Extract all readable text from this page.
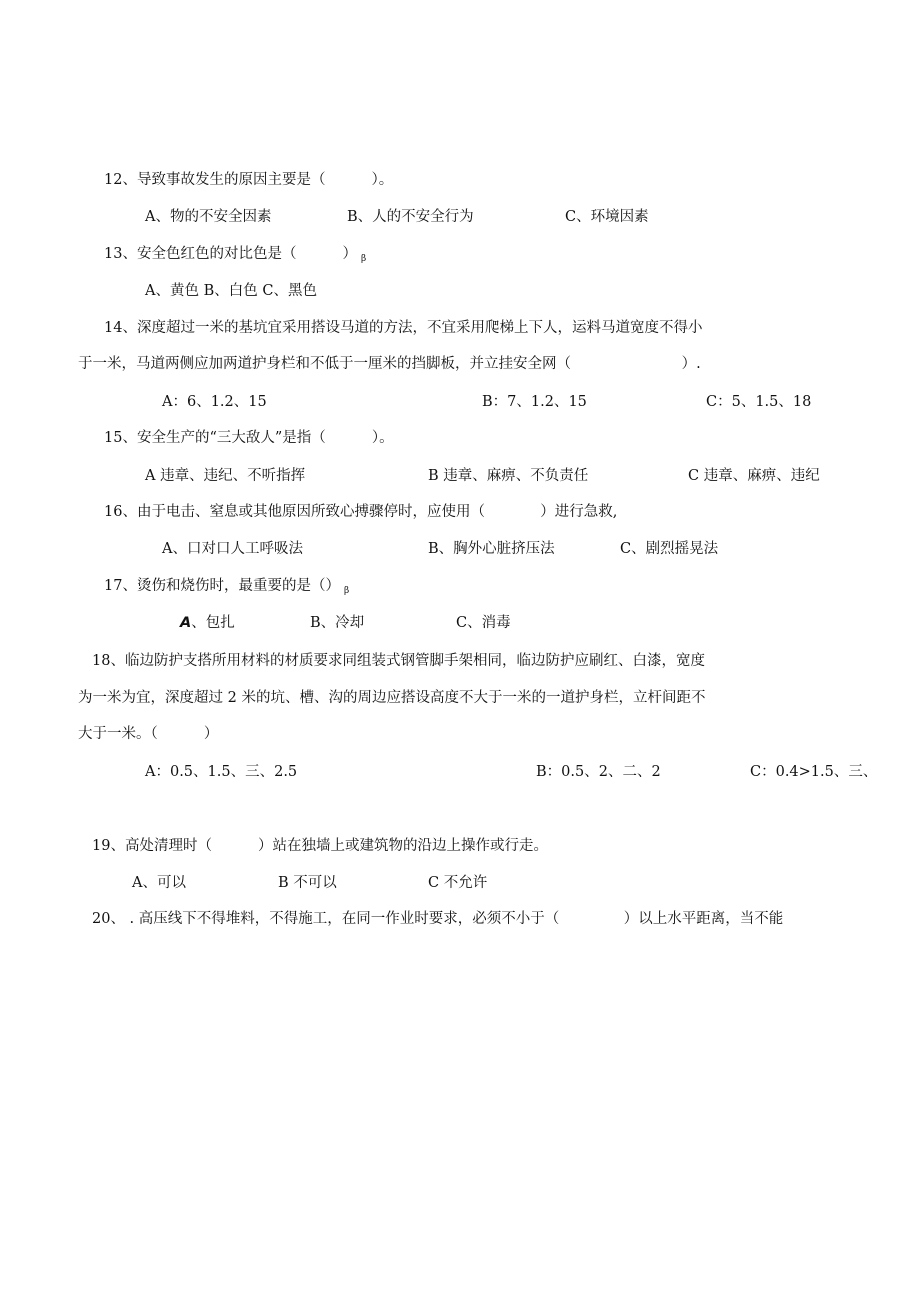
12、导致事故发生的原因主要是（          ）。
A、物的不安全因素	B、人的不安全行为	C、环境因素
13、安全色红色的对比色是（          ） $_\beta$
A、黄色 B、白色 C、黑色
14、深度超过一米的基坑宜采用搭设马道的方法，不宜采用爬梯上下人，运料马道宽度不得小
于一米，马道两侧应加两道护身栏和不低于一厘米的挡脚板，并立挂安全网（                        ）.
A：6、1.2、15	B：7、1.2、15	C：5、1.5、18
15、安全生产的“三大敌人”是指（          ）。
A 违章、违纪、不听指挥	B 违章、麻痹、不负责任	C 违章、麻痹、违纪
16、由于电击、窒息或其他原因所致心搏骤停时，应使用（            ）进行急救,
A、口对口人工呼吸法	B、胸外心脏挤压法	C、剧烈摇晃法
17、烫伤和烧伤时，最重要的是（） $_\beta$
A、包扎	B、冷却	C、消毒
18、临边防护支搭所用材料的材质要求同组装式钢管脚手架相同，临边防护应刷红、白漆，宽度
为一米为宜，深度超过 2 米的坑、槽、沟的周边应搭设高度不大于一米的一道护身栏，立杆间距不
大于一米。（          ）
A：0.5、1.5、三、2.5	B：0.5、2、二、2	C：0.4>1.5、三、
19、高处清理时（          ）站在独墙上或建筑物的沿边上操作或行走。
A、可以	B 不可以	C 不允许
20、 . 高压线下不得堆料，不得施工，在同一作业时要求，必须不小于（              ）以上水平距离，当不能
